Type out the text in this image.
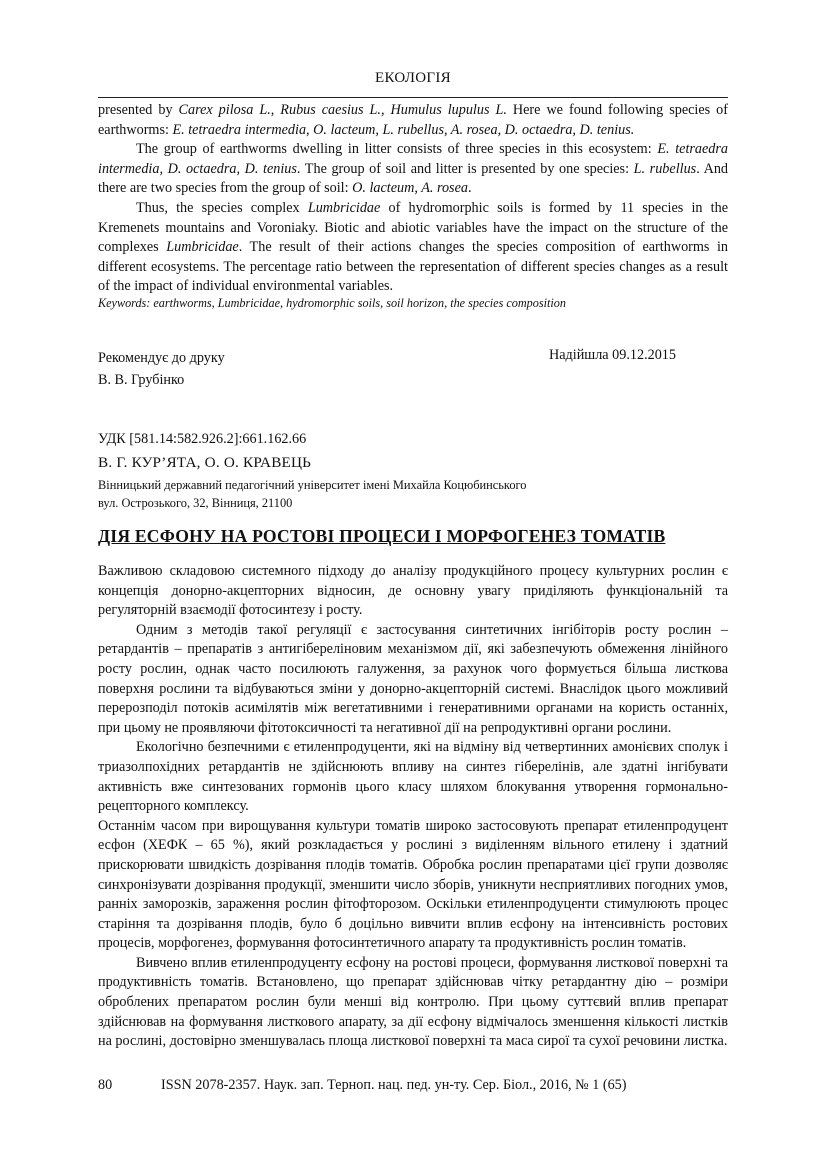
ЕКОЛОГІЯ

presented by Carex pilosa L., Rubus caesius L., Humulus lupulus L. Here we found following species of earthworms: E. tetraedra intermedia, O. lacteum, L. rubellus, A. rosea, D. octaedra, D. tenius.

The group of earthworms dwelling in litter consists of three species in this ecosystem: E. tetraedra intermedia, D. octaedra, D. tenius. The group of soil and litter is presented by one species: L. rubellus. And there are two species from the group of soil: O. lacteum, A. rosea.

Thus, the species complex Lumbricidae of hydromorphic soils is formed by 11 species in the Kremenets mountains and Voroniaky. Biotic and abiotic variables have the impact on the structure of the complexes Lumbricidae. The result of their actions changes the species composition of earthworms in different ecosystems. The percentage ratio between the representation of different species changes as a result of the impact of individual environmental variables.

Keywords: earthworms, Lumbricidae, hydromorphic soils, soil horizon, the species composition
Рекомендує до друку
В. В. Грубінко
Надійшла 09.12.2015
УДК [581.14:582.926.2]:661.162.66
В. Г. КУР’ЯТА, О. О. КРАВЕЦЬ
Вінницький державний педагогічний університет імені Михайла Коцюбинського
вул. Острозького, 32, Вінниця, 21100
ДІЯ ЕСФОНУ НА РОСТОВІ ПРОЦЕСИ І МОРФОГЕНЕЗ ТОМАТІВ

Важливою складовою системного підходу до аналізу продукційного процесу культурних рослин є концепція донорно-акцепторних відносин, де основну увагу приділяють функціональній та регуляторній взаємодії фотосинтезу і росту.

Одним з методів такої регуляції є застосування синтетичних інгібіторів росту рослин – ретардантів – препаратів з антигібереліновим механізмом дії, які забезпечують обмеження лінійного росту рослин, однак часто посилюють галуження, за рахунок чого формується більша листкова поверхня рослини та відбуваються зміни у донорно-акцепторній системі. Внаслідок цього можливий перерозподіл потоків асимілятів між вегетативними і генеративними органами на користь останніх, при цьому не проявляючи фітотоксичності та негативної дії на репродуктивні органи рослини.

Екологічно безпечними є етиленпродуценти, які на відміну від четвертинних амонієвих сполук і триазолпохідних ретардантів не здійснюють впливу на синтез гіберелінів, але здатні інгібувати активність вже синтезованих гормонів цього класу шляхом блокування утворення гормонально-рецепторного комплексу.

Останнім часом при вирощування культури томатів широко застосовують препарат етиленпродуцент есфон (ХЕФК – 65 %), який розкладається у рослині з виділенням вільного етилену і здатний прискорювати швидкість дозрівання плодів томатів. Обробка рослин препаратами цієї групи дозволяє синхронізувати дозрівання продукції, зменшити число зборів, уникнути несприятливих погодних умов, ранніх заморозків, зараження рослин фітофторозом. Оскільки етиленпродуценти стимулюють процес старіння та дозрівання плодів, було б доцільно вивчити вплив есфону на інтенсивність ростових процесів, морфогенез, формування фотосинтетичного апарату та продуктивність рослин томатів.

Вивчено вплив етиленпродуценту есфону на ростові процеси, формування листкової поверхні та продуктивність томатів. Встановлено, що препарат здійснював чітку ретардантну дію – розміри оброблених препаратом рослин були менші від контролю. При цьому суттєвий вплив препарат здійснював на формування листкового апарату, за дії есфону відмічалось зменшення кількості листків на рослині, достовірно зменшувалась площа листкової поверхні та маса сирої та сухої речовини листка.

80	ISSN 2078-2357. Наук. зап. Терноп. нац. пед. ун-ту. Сер. Біол., 2016, № 1 (65)
